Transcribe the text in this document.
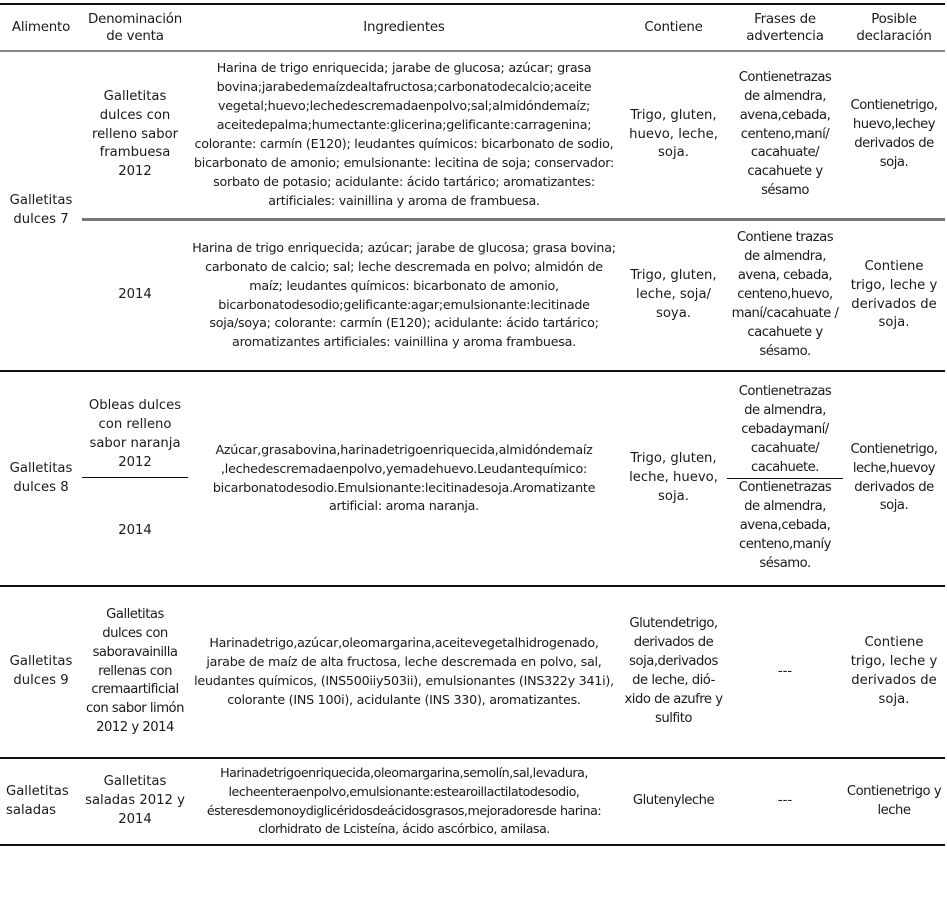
Alimento
Denominación de venta
Ingredientes	Contiene
Frases de advertencia
Posible declaración
Galletitas dulces 7
Galletitas dulces con relleno sabor frambuesa 2012
Harina de trigo enriquecida; jarabe de glucosa; azúcar; grasa bovina;jarabedemaízdealtafructosa;carbonatodecalcio;aceite vegetal;huevo;lechedescremadaenpolvo;sal;almidóndemaíz; aceitedepalma;humectante:glicerina;gelificante:carragenina; colorante: carmín (E120); leudantes químicos: bicarbonato de sodio, bicarbonato de amonio; emulsionante: lecitina de soja; conservador: sorbato de potasio; acidulante: ácido tartárico; aromatizantes: artificiales: vainillina y aroma de frambuesa.
Trigo, gluten, huevo, leche, soja.
Contienetrazas de almendra, avena,cebada, centeno,maní/ cacahuate/ cacahuete y sésamo
Contienetrigo, huevo,lechey derivados de soja.
2014
Harina de trigo enriquecida; azúcar; jarabe de glucosa; grasa bovina; carbonato de calcio; sal; leche descremada en polvo; almidón de maíz; leudantes químicos: bicarbonato de amonio, bicarbonatodesodio;gelificante:agar;emulsionante:lecitinade soja/soya; colorante: carmín (E120); acidulante: ácido tartárico; aromatizantes artificiales: vainillina y aroma frambuesa.
Trigo, gluten, leche, soja/ soya.
Contiene trazas de almendra, avena, cebada, centeno,huevo, maní/cacahuate / cacahuete y sésamo.
Contiene trigo, leche y derivados de soja.
Galletitas dulces 8
Obleas dulces con relleno sabor naranja 2012
2014
Azúcar,grasabovina,harinadetrigoenriquecida,almidóndemaíz ,lechedescremadaenpolvo,yemadehuevo.Leudantequímico: bicarbonatodesodio.Emulsionante:lecitinadesoja.Aromatizante artificial: aroma naranja.
Trigo, gluten, leche, huevo, soja.
Contienetrazas de almendra, cebadaymaní/ cacahuate/ cacahuete.
Contienetrazas de almendra, avena,cebada, centeno,maníy sésamo.
Contienetrigo, leche,huevoy derivados de soja.
Galletitas dulces 9
Galletitas dulces con saboravainilla rellenas con cremaartificial con sabor limón 2012 y 2014
Harinadetrigo,azúcar,oleomargarina,aceitevegetalhidrogenado, jarabe de maíz de alta fructosa, leche descremada en polvo, sal, leudantes químicos, (INS500iiy503ii), emulsionantes (INS322y 341i), colorante (INS 100i), acidulante (INS 330), aromatizantes.
Glutendetrigo, derivados de soja,derivados de leche, dió- xido de azufre y sulfito
---
Contiene trigo, leche y derivados de soja.
Galletitas saladas
Galletitas saladas 2012 y 2014
Harinadetrigoenriquecida,oleomargarina,semolín,sal,levadura, lecheenteraenpolvo,emulsionante:estearoillactilatodesodio, ésteresdemonoydiglicéridosdeácidosgrasos,mejoradoresde harina: clorhidrato de Lcisteína, ácido ascórbico, amilasa.
Glutenyleche	---
Contienetrigo y leche
